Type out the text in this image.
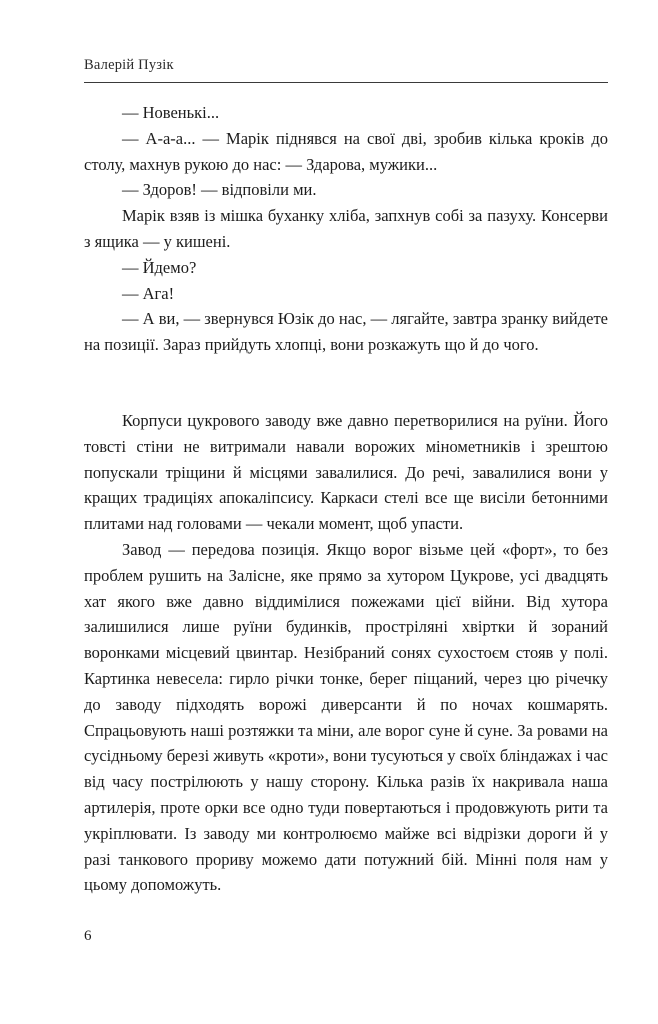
Валерій Пузік

— Новенькі...

— А-а-а... — Марік піднявся на свої дві, зробив кілька кроків до столу, махнув рукою до нас: — Здарова, мужики...

— Здоров! — відповіли ми.

Марік взяв із мішка буханку хліба, запхнув собі за пазуху. Консерви з ящика — у кишені.

— Йдемо?

— Ага!

— А ви, — звернувся Юзік до нас, — лягайте, завтра зранку вийдете на позиції. Зараз прийдуть хлопці, вони розкажуть що й до чого.

Корпуси цукрового заводу вже давно перетворилися на руїни. Його товсті стіни не витримали навали ворожих мінометників і зрештою попускали тріщини й місцями завалилися. До речі, завалилися вони у кращих традиціях апокаліпсису. Каркаси стелі все ще висіли бетонними плитами над головами — чекали момент, щоб упасти.

Завод — передова позиція. Якщо ворог візьме цей «форт», то без проблем рушить на Залісне, яке прямо за хутором Цукрове, усі двадцять хат якого вже давно віддимілися пожежами цієї війни. Від хутора залишилися лише руїни будинків, простріляні хвіртки й зораний воронками місцевий цвинтар. Незібраний сонях сухостоєм стояв у полі. Картинка невесела: гирло річки тонке, берег піщаний, через цю річечку до заводу підходять ворожі диверсанти й по ночах кошмарять. Спрацьовують наші розтяжки та міни, але ворог суне й суне. За ровами на сусідньому березі живуть «кроти», вони тусуються у своїх бліндажах і час від часу пострілюють у нашу сторону. Кілька разів їх накривала наша артилерія, проте орки все одно туди повертаються і продовжують рити та укріплювати. Із заводу ми контролюємо майже всі відрізки дороги й у разі танкового прориву можемо дати потужний бій. Мінні поля нам у цьому допоможуть.

6
